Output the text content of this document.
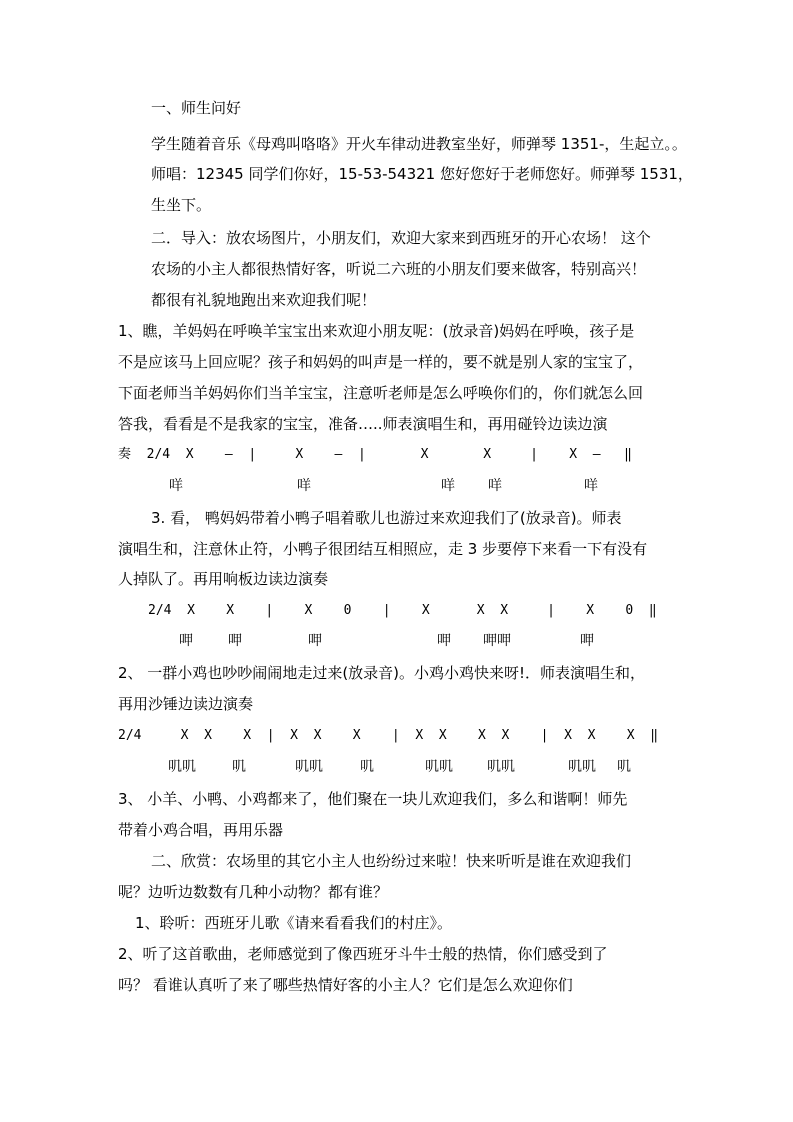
一、师生问好
学生随着音乐《母鸡叫咯咯》开火车律动进教室坐好，师弹琴 1351-，生起立。。
师唱：12345 同学们你好，15-53-54321 您好您好于老师您好。师弹琴 1531，
生坐下。
二．导入：放农场图片，小朋友们，欢迎大家来到西班牙的开心农场！ 这个
农场的小主人都很热情好客，听说二六班的小朋友们要来做客，特别高兴！
都很有礼貌地跑出来欢迎我们呢！
1、瞧，羊妈妈在呼唤羊宝宝出来欢迎小朋友呢：(放录音)妈妈在呼唤，孩子是
不是应该马上回应呢？孩子和妈妈的叫声是一样的，要不就是别人家的宝宝了，
下面老师当羊妈妈你们当羊宝宝，注意听老师是怎么呼唤你们的，你们就怎么回
答我，看看是不是我家的宝宝，准备…..师表演唱生和，再用碰铃边读边演
奏  2/4  X    —  |     X    —  |       X       X     |    X  —   ‖
咩	咩	咩 咩	咩
3. 看， 鸭妈妈带着小鸭子唱着歌儿也游过来欢迎我们了(放录音)。师表
演唱生和，注意休止符，小鸭子很团结互相照应，走 3 步要停下来看一下有没有
人掉队了。再用响板边读边演奏
2/4  X    X    |    X    0    |    X      X  X     |    X    0  ‖
呷	呷	呷	呷 呷呷	呷
2、 一群小鸡也吵吵闹闹地走过来(放录音)。小鸡小鸡快来呀!．师表演唱生和，
再用沙锤边读边演奏
2/4     X  X    X  |  X  X    X    |  X  X    X  X    |  X  X    X  ‖
叽叽	叽	叽叽	叽	叽叽 叽叽	叽叽 叽
3、 小羊、小鸭、小鸡都来了，他们聚在一块儿欢迎我们，多么和谐啊！师先
带着小鸡合唱，再用乐器
二、欣赏：农场里的其它小主人也纷纷过来啦！快来听听是谁在欢迎我们
呢？边听边数数有几种小动物？都有谁？
1、聆听：西班牙儿歌《请来看看我们的村庄》。
2、听了这首歌曲，老师感觉到了像西班牙斗牛士般的热情，你们感受到了
吗？ 看谁认真听了来了哪些热情好客的小主人？它们是怎么欢迎你们
